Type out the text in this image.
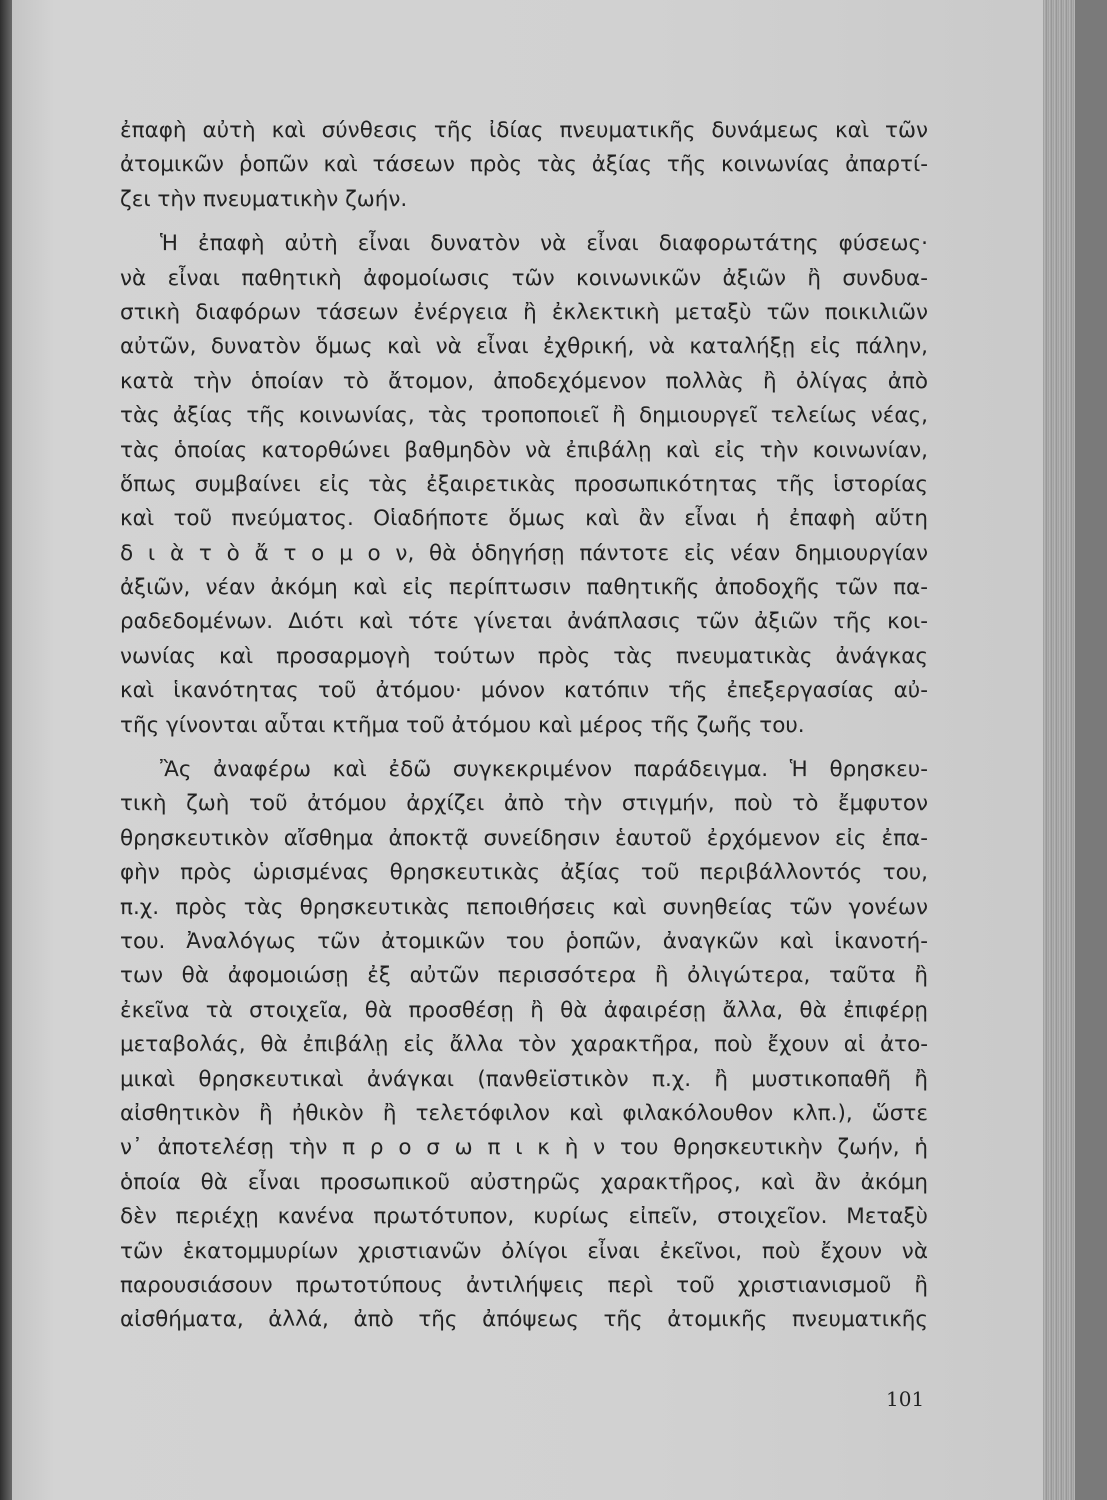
ἐπαφὴ αὐτὴ καὶ σύνθεσις τῆς ἰδίας πνευματικῆς δυνάμεως καὶ τῶν
ἀτομικῶν ῥοπῶν καὶ τάσεων πρὸς τὰς ἀξίας τῆς κοινωνίας ἀπαρτί-
ζει τὴν πνευματικὴν ζωήν.
Ἡ ἐπαφὴ αὐτὴ εἶναι δυνατὸν νὰ εἶναι διαφορωτάτης φύσεως·
νὰ εἶναι παθητικὴ ἀφομοίωσις τῶν κοινωνικῶν ἀξιῶν ἢ συνδυα-
στικὴ διαφόρων τάσεων ἐνέργεια ἢ ἐκλεκτικὴ μεταξὺ τῶν ποικιλιῶν
αὐτῶν, δυνατὸν ὅμως καὶ νὰ εἶναι ἐχθρική, νὰ καταλήξῃ εἰς πάλην,
κατὰ τὴν ὁποίαν τὸ ἄτομον, ἀποδεχόμενον πολλὰς ἢ ὀλίγας ἀπὸ
τὰς ἀξίας τῆς κοινωνίας, τὰς τροποποιεῖ ἢ δημιουργεῖ τελείως νέας,
τὰς ὁποίας κατορθώνει βαθμηδὸν νὰ ἐπιβάλῃ καὶ εἰς τὴν κοινωνίαν,
ὅπως συμβαίνει εἰς τὰς ἐξαιρετικὰς προσωπικότητας τῆς ἱστορίας
καὶ τοῦ πνεύματος. Οἱαδήποτε ὅμως καὶ ἂν εἶναι ἡ ἐπαφὴ αὕτη
δ ι ὰ τ ὸ ἄ τ ο μ ο ν, θὰ ὁδηγήσῃ πάντοτε εἰς νέαν δημιουργίαν
ἀξιῶν, νέαν ἀκόμη καὶ εἰς περίπτωσιν παθητικῆς ἀποδοχῆς τῶν πα-
ραδεδομένων. Διότι καὶ τότε γίνεται ἀνάπλασις τῶν ἀξιῶν τῆς κοι-
νωνίας καὶ προσαρμογὴ τούτων πρὸς τὰς πνευματικὰς ἀνάγκας
καὶ ἱκανότητας τοῦ ἀτόμου· μόνον κατόπιν τῆς ἐπεξεργασίας αὐ-
τῆς γίνονται αὗται κτῆμα τοῦ ἀτόμου καὶ μέρος τῆς ζωῆς του.
Ἂς ἀναφέρω καὶ ἐδῶ συγκεκριμένον παράδειγμα. Ἡ θρησκευ-
τικὴ ζωὴ τοῦ ἀτόμου ἀρχίζει ἀπὸ τὴν στιγμήν, ποὺ τὸ ἔμφυτον
θρησκευτικὸν αἴσθημα ἀποκτᾷ συνείδησιν ἑαυτοῦ ἐρχόμενον εἰς ἐπα-
φὴν πρὸς ὡρισμένας θρησκευτικὰς ἀξίας τοῦ περιβάλλοντός του,
π.χ. πρὸς τὰς θρησκευτικὰς πεποιθήσεις καὶ συνηθείας τῶν γονέων
του. Ἀναλόγως τῶν ἀτομικῶν του ῥοπῶν, ἀναγκῶν καὶ ἱκανοτή-
των θὰ ἀφομοιώσῃ ἐξ αὐτῶν περισσότερα ἢ ὀλιγώτερα, ταῦτα ἢ
ἐκεῖνα τὰ στοιχεῖα, θὰ προσθέσῃ ἢ θὰ ἀφαιρέσῃ ἄλλα, θὰ ἐπιφέρῃ
μεταβολάς, θὰ ἐπιβάλῃ εἰς ἄλλα τὸν χαρακτῆρα, ποὺ ἔχουν αἱ ἀτο-
μικαὶ θρησκευτικαὶ ἀνάγκαι (πανθεϊστικὸν π.χ. ἢ μυστικοπαθῆ ἢ
αἰσθητικὸν ἢ ἠθικὸν ἢ τελετόφιλον καὶ φιλακόλουθον κλπ.), ὥστε
ν᾽ ἀποτελέσῃ τὴν π ρ ο σ ω π ι κ ὴ ν του θρησκευτικὴν ζωήν, ἡ
ὁποία θὰ εἶναι προσωπικοῦ αὐστηρῶς χαρακτῆρος, καὶ ἂν ἀκόμη
δὲν περιέχῃ κανένα πρωτότυπον, κυρίως εἰπεῖν, στοιχεῖον. Μεταξὺ
τῶν ἑκατομμυρίων χριστιανῶν ὀλίγοι εἶναι ἐκεῖνοι, ποὺ ἔχουν νὰ
παρουσιάσουν πρωτοτύπους ἀντιλήψεις περὶ τοῦ χριστιανισμοῦ ἢ
αἰσθήματα, ἀλλά, ἀπὸ τῆς ἀπόψεως τῆς ἀτομικῆς πνευματικῆς
101
